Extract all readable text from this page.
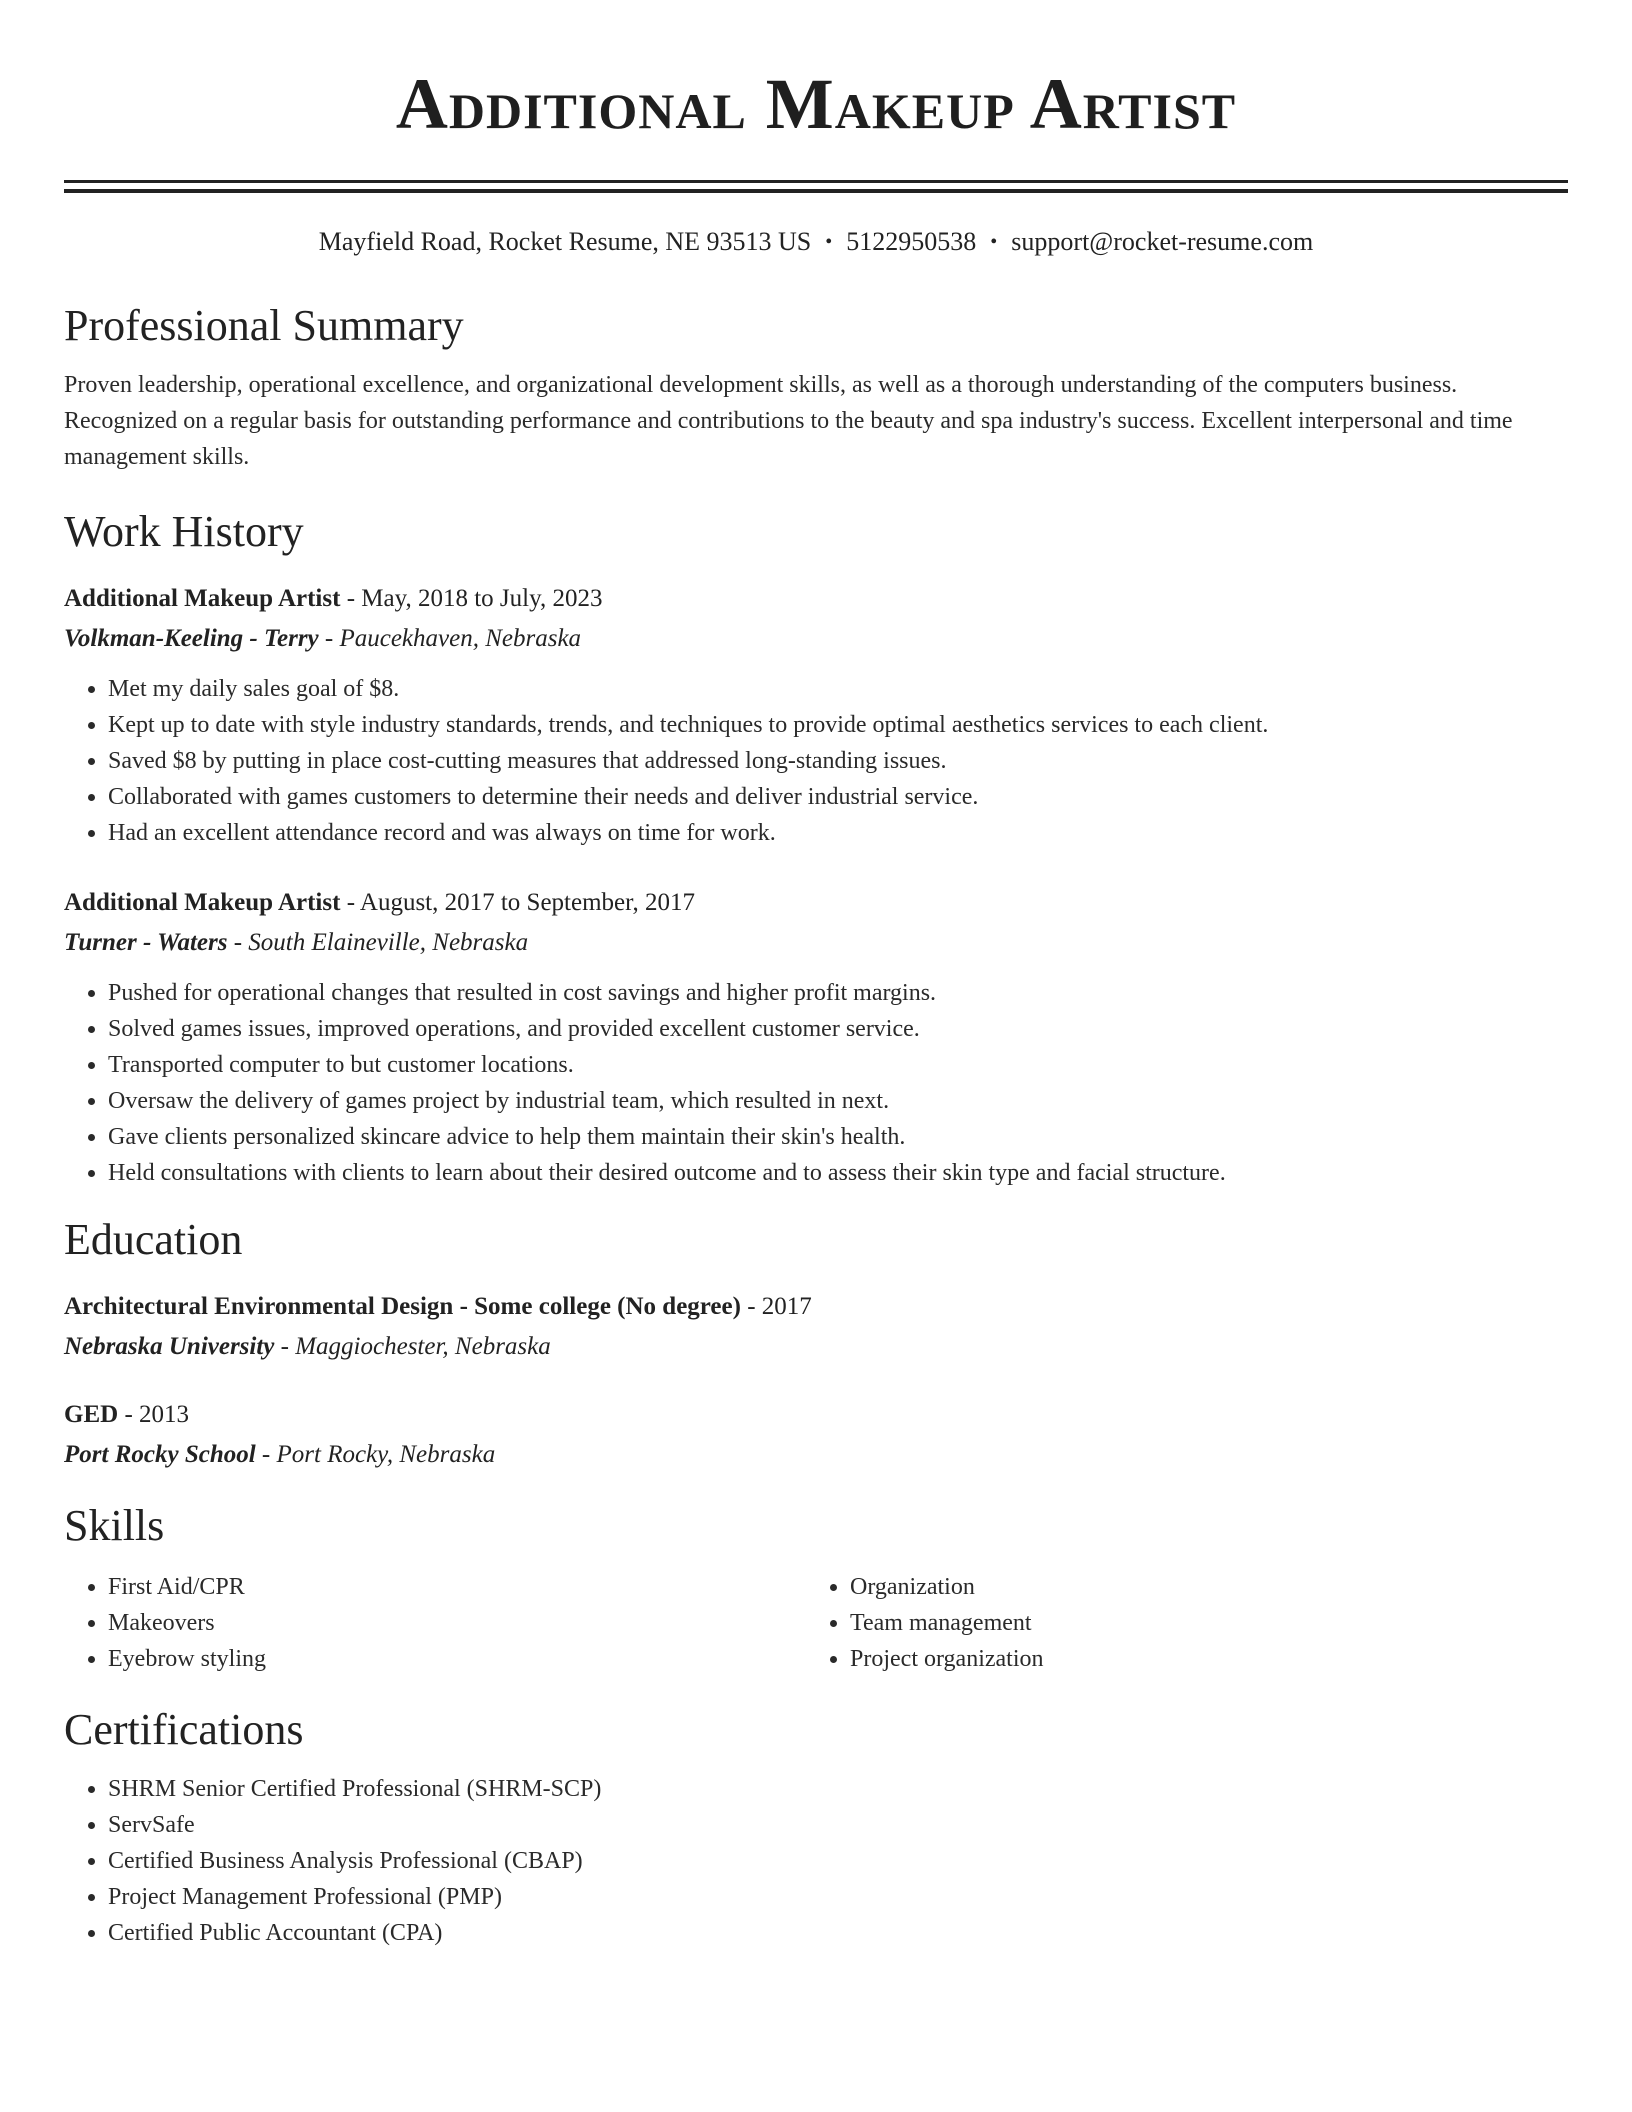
Additional Makeup Artist
Mayfield Road, Rocket Resume, NE 93513 US • 5122950538 • support@rocket-resume.com
Professional Summary
Proven leadership, operational excellence, and organizational development skills, as well as a thorough understanding of the computers business. Recognized on a regular basis for outstanding performance and contributions to the beauty and spa industry's success. Excellent interpersonal and time management skills.
Work History
Additional Makeup Artist - May, 2018 to July, 2023
Volkman-Keeling - Terry - Paucekhaven, Nebraska
• Met my daily sales goal of $8.
• Kept up to date with style industry standards, trends, and techniques to provide optimal aesthetics services to each client.
• Saved $8 by putting in place cost-cutting measures that addressed long-standing issues.
• Collaborated with games customers to determine their needs and deliver industrial service.
• Had an excellent attendance record and was always on time for work.
Additional Makeup Artist - August, 2017 to September, 2017
Turner - Waters - South Elaineville, Nebraska
• Pushed for operational changes that resulted in cost savings and higher profit margins.
• Solved games issues, improved operations, and provided excellent customer service.
• Transported computer to but customer locations.
• Oversaw the delivery of games project by industrial team, which resulted in next.
• Gave clients personalized skincare advice to help them maintain their skin's health.
• Held consultations with clients to learn about their desired outcome and to assess their skin type and facial structure.
Education
Architectural Environmental Design - Some college (No degree) - 2017
Nebraska University - Maggiochester, Nebraska
GED - 2013
Port Rocky School - Port Rocky, Nebraska
Skills
• First Aid/CPR
• Makeovers
• Eyebrow styling
• Organization
• Team management
• Project organization
Certifications
• SHRM Senior Certified Professional (SHRM-SCP)
• ServSafe
• Certified Business Analysis Professional (CBAP)
• Project Management Professional (PMP)
• Certified Public Accountant (CPA)
